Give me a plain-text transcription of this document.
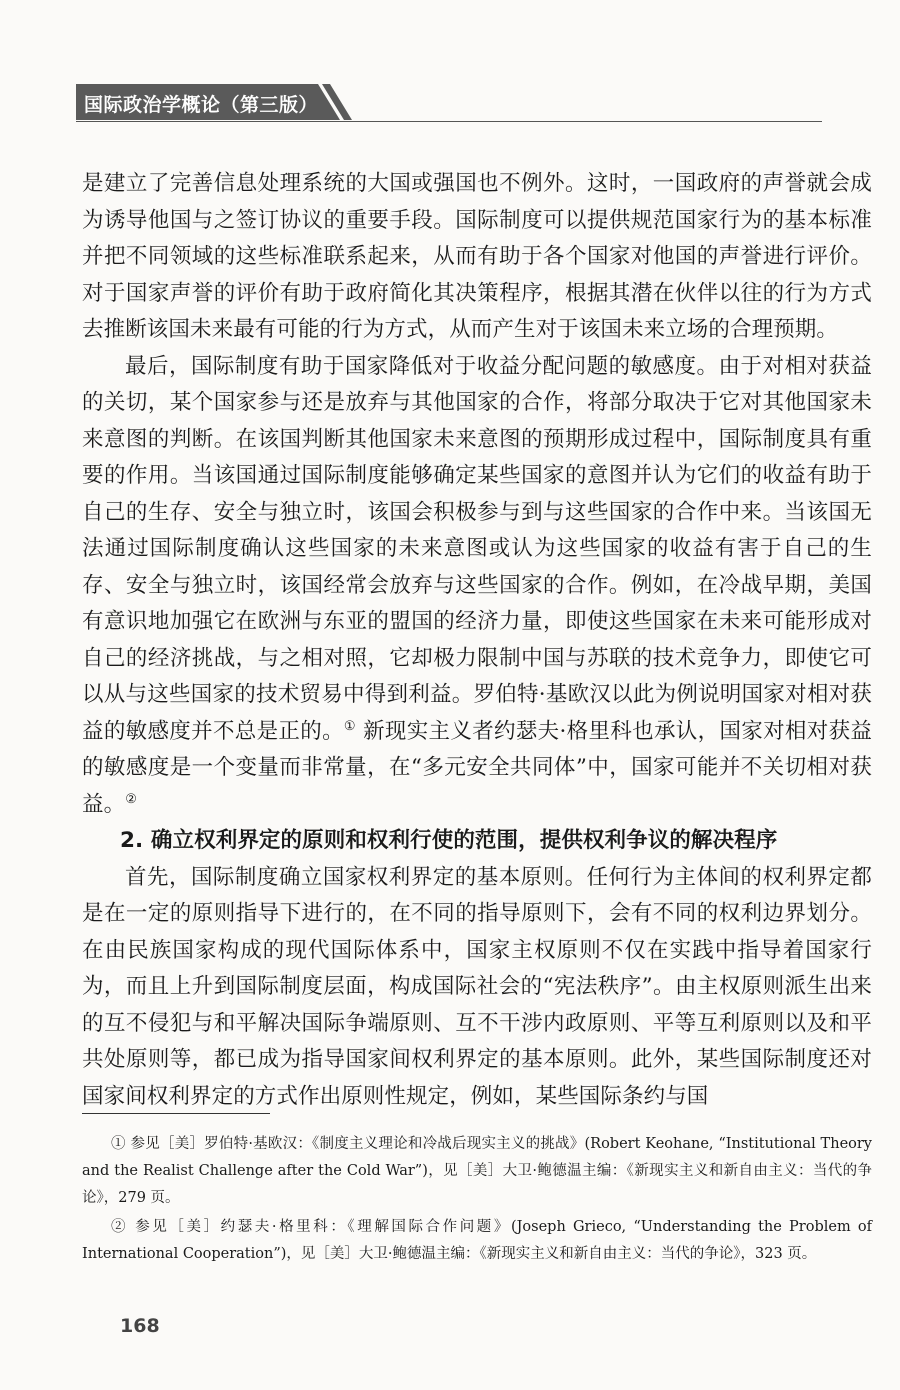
国际政治学概论（第三版）

是建立了完善信息处理系统的大国或强国也不例外。这时，一国政府的声誉就会成为诱导他国与之签订协议的重要手段。国际制度可以提供规范国家行为的基本标准并把不同领域的这些标准联系起来，从而有助于各个国家对他国的声誉进行评价。对于国家声誉的评价有助于政府简化其决策程序，根据其潜在伙伴以往的行为方式去推断该国未来最有可能的行为方式，从而产生对于该国未来立场的合理预期。

最后，国际制度有助于国家降低对于收益分配问题的敏感度。由于对相对获益的关切，某个国家参与还是放弃与其他国家的合作，将部分取决于它对其他国家未来意图的判断。在该国判断其他国家未来意图的预期形成过程中，国际制度具有重要的作用。当该国通过国际制度能够确定某些国家的意图并认为它们的收益有助于自己的生存、安全与独立时，该国会积极参与到与这些国家的合作中来。当该国无法通过国际制度确认这些国家的未来意图或认为这些国家的收益有害于自己的生存、安全与独立时，该国经常会放弃与这些国家的合作。例如，在冷战早期，美国有意识地加强它在欧洲与东亚的盟国的经济力量，即使这些国家在未来可能形成对自己的经济挑战，与之相对照，它却极力限制中国与苏联的技术竞争力，即使它可以从与这些国家的技术贸易中得到利益。罗伯特·基欧汉以此为例说明国家对相对获益的敏感度并不总是正的。① 新现实主义者约瑟夫·格里科也承认，国家对相对获益的敏感度是一个变量而非常量，在“多元安全共同体”中，国家可能并不关切相对获益。②

2. 确立权利界定的原则和权利行使的范围，提供权利争议的解决程序

首先，国际制度确立国家权利界定的基本原则。任何行为主体间的权利界定都是在一定的原则指导下进行的，在不同的指导原则下，会有不同的权利边界划分。在由民族国家构成的现代国际体系中，国家主权原则不仅在实践中指导着国家行为，而且上升到国际制度层面，构成国际社会的“宪法秩序”。由主权原则派生出来的互不侵犯与和平解决国际争端原则、互不干涉内政原则、平等互利原则以及和平共处原则等，都已成为指导国家间权利界定的基本原则。此外，某些国际制度还对国家间权利界定的方式作出原则性规定，例如，某些国际条约与国

① 参见［美］罗伯特·基欧汉：《制度主义理论和冷战后现实主义的挑战》(Robert Keohane, “Institutional Theory and the Realist Challenge after the Cold War”)，见［美］大卫·鲍德温主编：《新现实主义和新自由主义：当代的争论》，279 页。

② 参见［美］约瑟夫·格里科：《理解国际合作问题》(Joseph Grieco, “Understanding the Problem of International Cooperation”)，见［美］大卫·鲍德温主编：《新现实主义和新自由主义：当代的争论》，323 页。

168
